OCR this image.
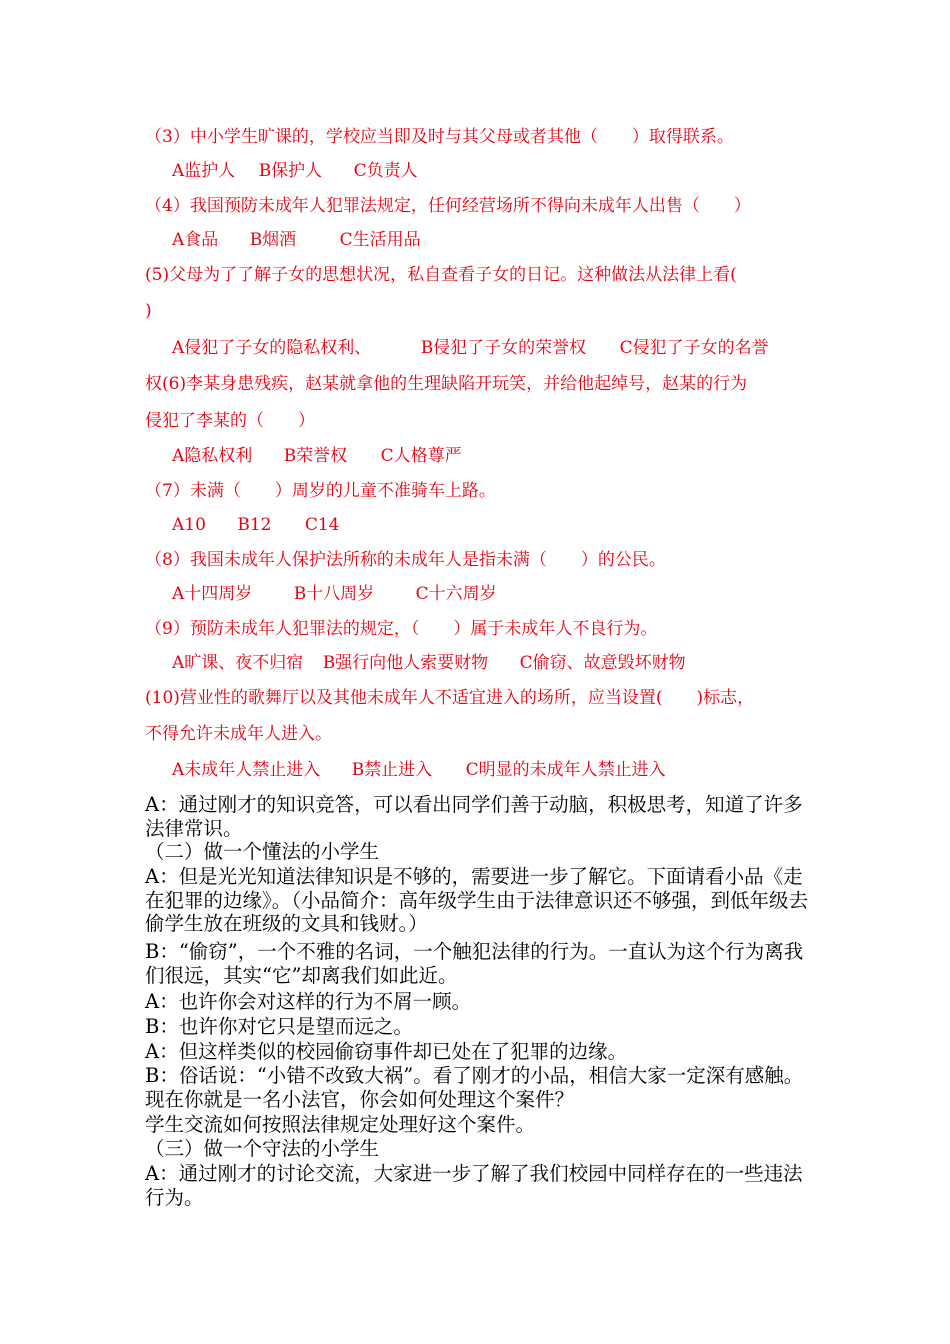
（3）中小学生旷课的，学校应当即及时与其父母或者其他（　　）取得联系。
A监护人 B保护人 C负责人
（4）我国预防未成年人犯罪法规定，任何经营场所不得向未成年人出售（　　）
A食品 B烟酒	C生活用品
(5)父母为了了解子女的思想状况，私自查看子女的日记。这种做法从法律上看(
)
A侵犯了子女的隐私权利、	B侵犯了子女的荣誉权 C侵犯了子女的名誉
权(6)李某身患残疾，赵某就拿他的生理缺陷开玩笑，并给他起绰号，赵某的行为
侵犯了李某的（　　）
A隐私权利 B荣誉权 C人格尊严
（7）未满（　　）周岁的儿童不准骑车上路。
A10 B12 C14
（8）我国未成年人保护法所称的未成年人是指未满（　　）的公民。
A十四周岁 B十八周岁 C十六周岁
（9）预防未成年人犯罪法的规定，（　　）属于未成年人不良行为。
A旷课、夜不归宿 B强行向他人索要财物 C偷窃、故意毁坏财物
(10)营业性的歌舞厅以及其他未成年人不适宜进入的场所，应当设置(　　)标志，
不得允许未成年人进入。
A未成年人禁止进入 B禁止进入 C明显的未成年人禁止进入
A：通过刚才的知识竞答，可以看出同学们善于动脑，积极思考，知道了许多法律常识。
（二）做一个懂法的小学生
A：但是光光知道法律知识是不够的，需要进一步了解它。下面请看小品《走在犯罪的边缘》。（小品简介：高年级学生由于法律意识还不够强，到低年级去偷学生放在班级的文具和钱财。）
B：“偷窃”，一个不雅的名词，一个触犯法律的行为。一直认为这个行为离我们很远，其实“它”却离我们如此近。
A：也许你会对这样的行为不屑一顾。
B：也许你对它只是望而远之。
A：但这样类似的校园偷窃事件却已处在了犯罪的边缘。
B：俗话说：“小错不改致大祸”。看了刚才的小品，相信大家一定深有感触。现在你就是一名小法官，你会如何处理这个案件？
学生交流如何按照法律规定处理好这个案件。
（三）做一个守法的小学生
A：通过刚才的讨论交流，大家进一步了解了我们校园中同样存在的一些违法行为。
